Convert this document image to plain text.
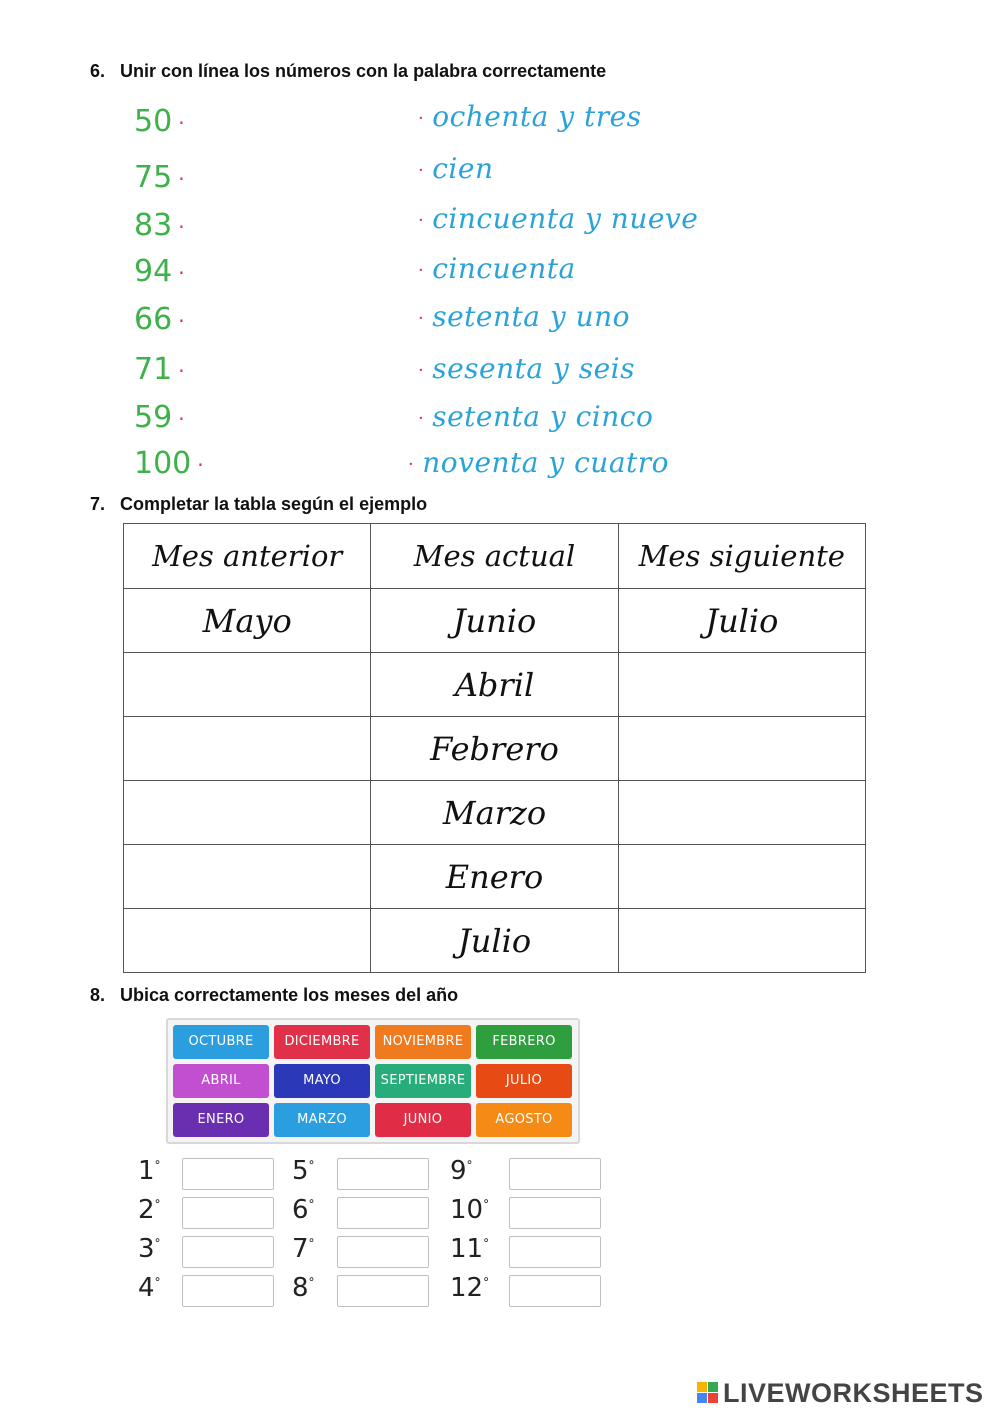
6. Unir con línea los números con la palabra correctamente
50 ·
75 ·
83 ·
94 ·
66 ·
71 ·
59 ·
100 ·
· ochenta y tres
· cien
· cincuenta y nueve
· cincuenta
· setenta y uno
· sesenta y seis
· setenta y cinco
· noventa y cuatro
7. Completar la tabla según el ejemplo
Mes anterior	Mes actual	Mes siguiente
Mayo	Junio	Julio
	Abril	
	Febrero	
	Marzo	
	Enero	
	Julio	
8. Ubica correctamente los meses del año
OCTUBRE	DICIEMBRE	NOVIEMBRE	FEBRERO
ABRIL	MAYO	SEPTIEMBRE	JULIO
ENERO	MARZO	JUNIO	AGOSTO
1°
2°
3°
4°
5°
6°
7°
8°
9°
10°
11°
12°
LIVEWORKSHEETS
